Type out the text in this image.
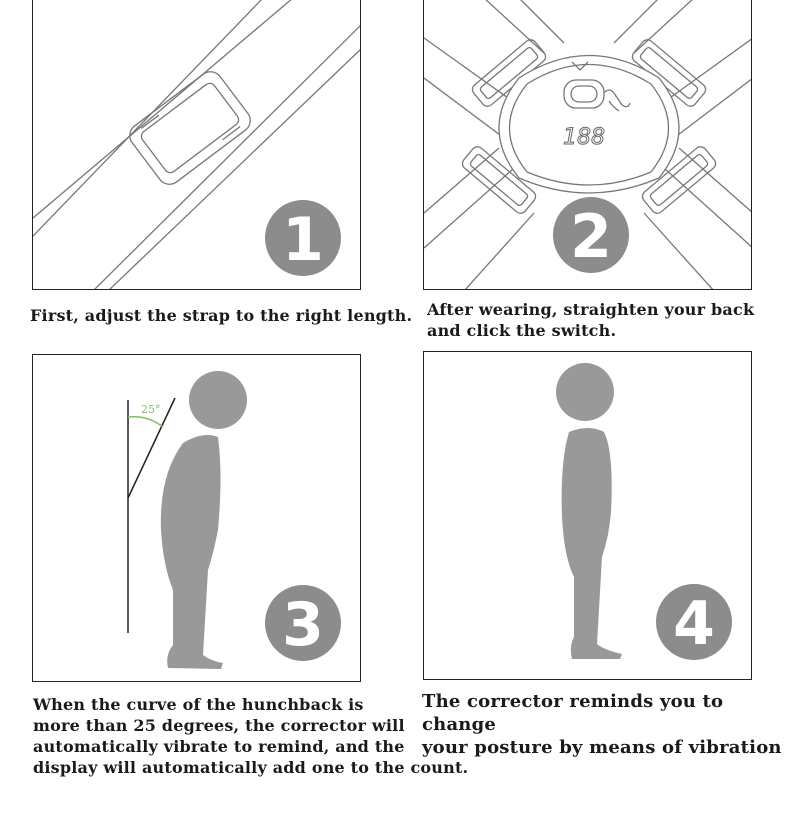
1
188
2
First, adjust the strap to the right length. After wearing, straighten your back
and click the switch.
25°
3	4
When the curve of the hunchback is
more than 25 degrees, the corrector will
automatically vibrate to remind, and the
display will automatically add one to the count.
The corrector reminds you to change
your posture by means of vibration
